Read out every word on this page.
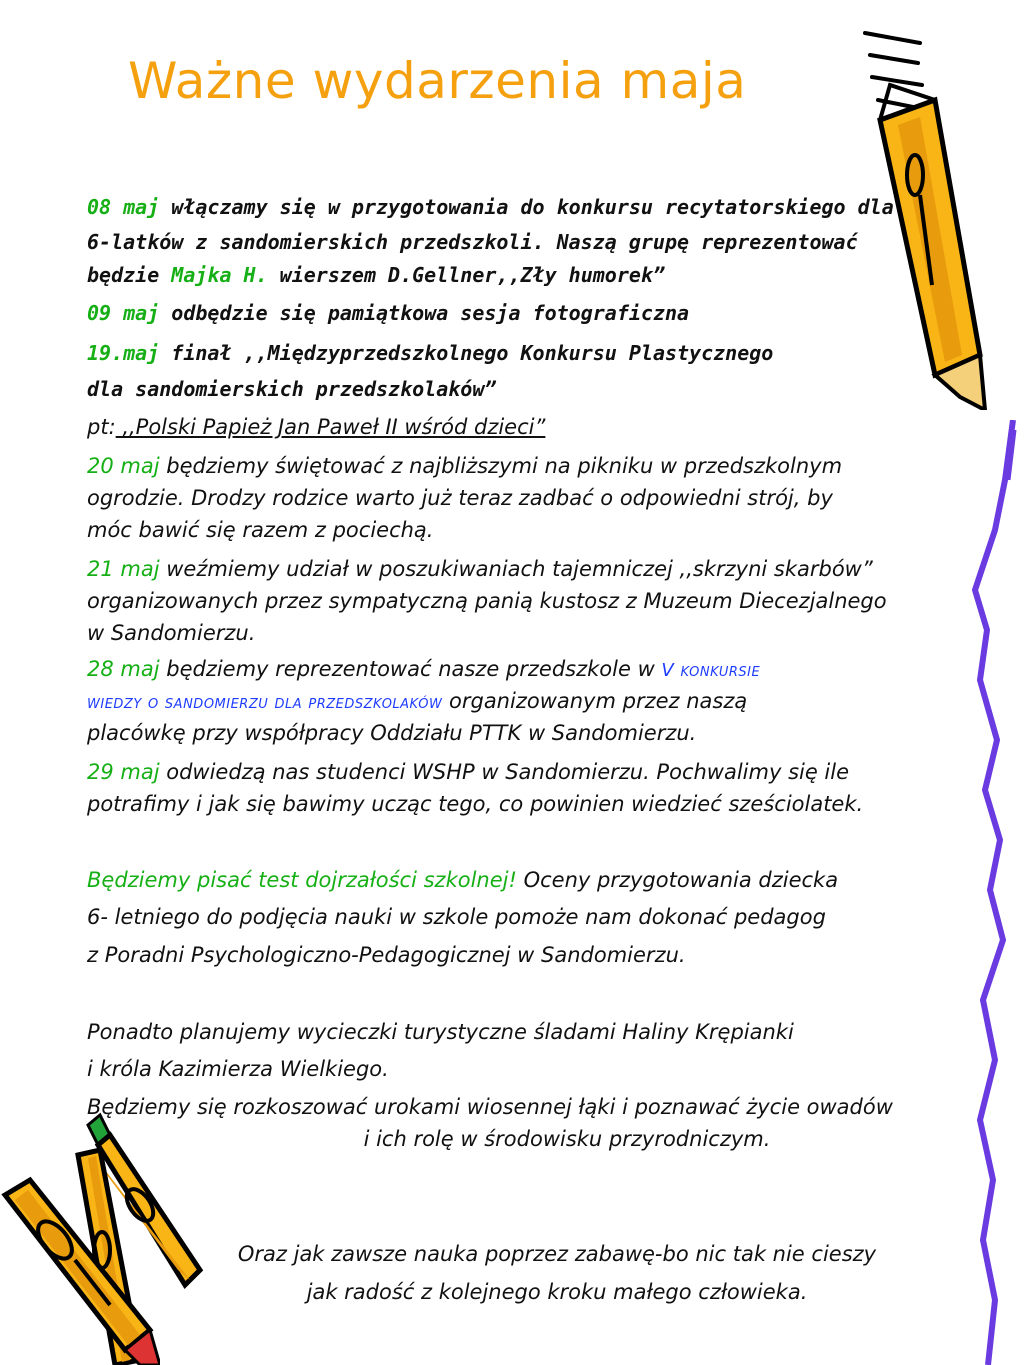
Ważne wydarzenia maja
08 maj włączamy się w przygotowania do konkursu recytatorskiego dla
6-latków z sandomierskich przedszkoli. Naszą grupę reprezentować
będzie Majka H. wierszem D.Gellner,,Zły humorek”
09 maj odbędzie się pamiątkowa sesja fotograficzna
19.maj finał ,,Międzyprzedszkolnego Konkursu Plastycznego
dla sandomierskich przedszkolaków”
pt: ,,Polski Papież Jan Paweł II wśród dzieci”
20 maj będziemy świętować z najbliższymi na pikniku w przedszkolnym
ogrodzie. Drodzy rodzice warto już teraz zadbać o odpowiedni strój, by
móc bawić się razem z pociechą.
21 maj weźmiemy udział w poszukiwaniach tajemniczej ,,skrzyni skarbów”
organizowanych przez sympatyczną panią kustosz z Muzeum Diecezjalnego
w Sandomierzu.
28 maj będziemy reprezentować nasze przedszkole w V konkursie
wiedzy o sandomierzu dla przedszkolaków organizowanym przez naszą
placówkę przy współpracy Oddziału PTTK w Sandomierzu.
29 maj odwiedzą nas studenci WSHP w Sandomierzu. Pochwalimy się ile
potrafimy i jak się bawimy ucząc tego, co powinien wiedzieć sześciolatek.
Będziemy pisać test dojrzałości szkolnej! Oceny przygotowania dziecka
6- letniego do podjęcia nauki w szkole pomoże nam dokonać pedagog
z Poradni Psychologiczno-Pedagogicznej w Sandomierzu.
Ponadto planujemy wycieczki turystyczne śladami Haliny Krępianki
i króla Kazimierza Wielkiego.
Będziemy się rozkoszować urokami wiosennej łąki i poznawać życie owadów
i ich rolę w środowisku przyrodniczym.
Oraz jak zawsze nauka poprzez zabawę-bo nic tak nie cieszy
jak radość z kolejnego kroku małego człowieka.
